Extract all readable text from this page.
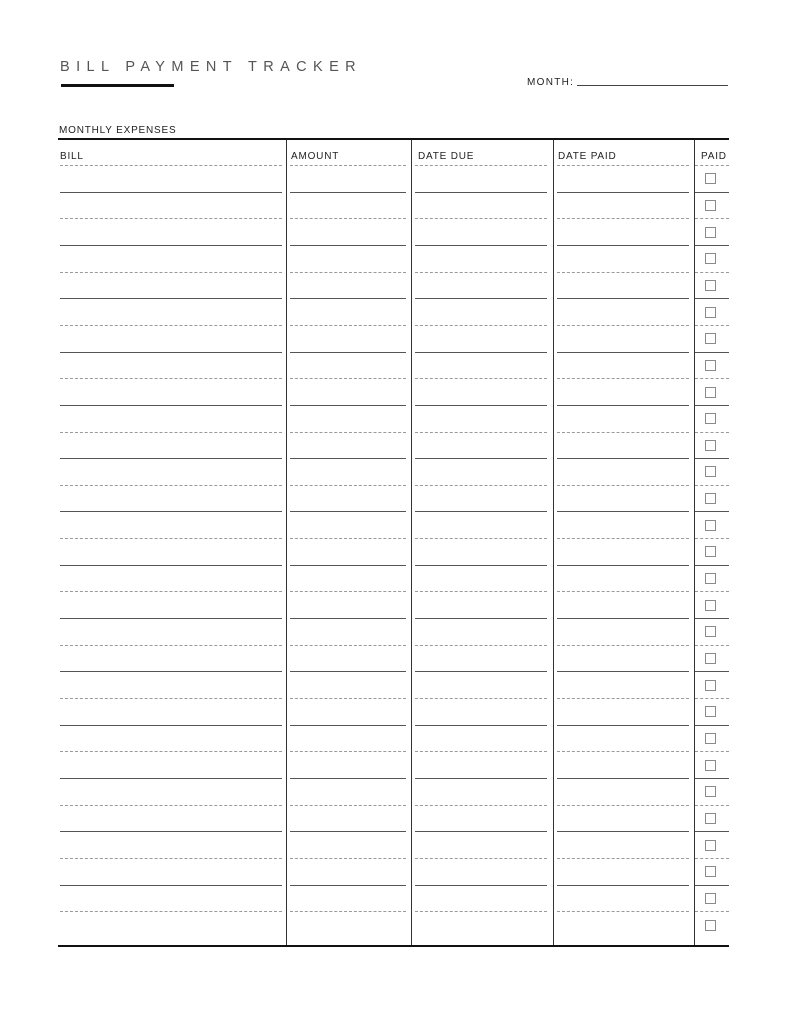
BILL PAYMENT TRACKER
MONTH:
MONTHLY EXPENSES
BILL	AMOUNT	DATE DUE	DATE PAID	PAID
